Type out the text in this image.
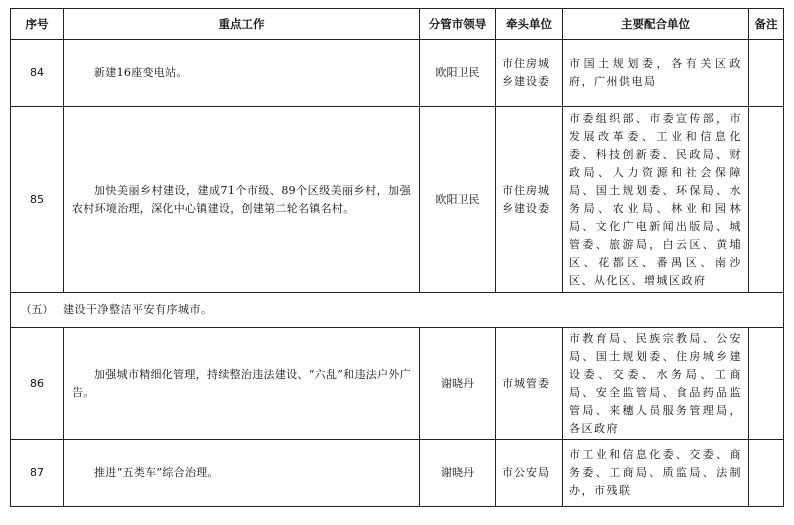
序号	重点工作	分管市领导	牵头单位	主要配合单位	备注
84	新建16座变电站。	欧阳卫民	市住房城乡建设委	市国土规划委，各有关区政府，广州供电局	

85	加快美丽乡村建设，建成71个市级、89个区级美丽乡村，加强农村环境治理，深化中心镇建设，创建第二轮名镇名村。	欧阳卫民	市住房城乡建设委	市委组织部、市委宣传部，市发展改革委、工业和信息化委、科技创新委、民政局、财政局、人力资源和社会保障局、国土规划委、环保局、水务局、农业局、林业和园林局、文化广电新闻出版局、城管委、旅游局，白云区、黄埔区、花都区、番禺区、南沙区、从化区、增城区政府	

（五） 建设干净整洁平安有序城市。					
86	加强城市精细化管理，持续整治违法建设、“六乱”和违法户外广告。	谢晓丹	市城管委	市教育局、民族宗教局、公安局、国土规划委、住房城乡建设委、交委、水务局、工商局、安全监管局、食品药品监管局、来穗人员服务管理局，各区政府	

87	推进“五类车”综合治理。	谢晓丹	市公安局	市工业和信息化委、交委、商务委、工商局、质监局、法制办，市残联	
